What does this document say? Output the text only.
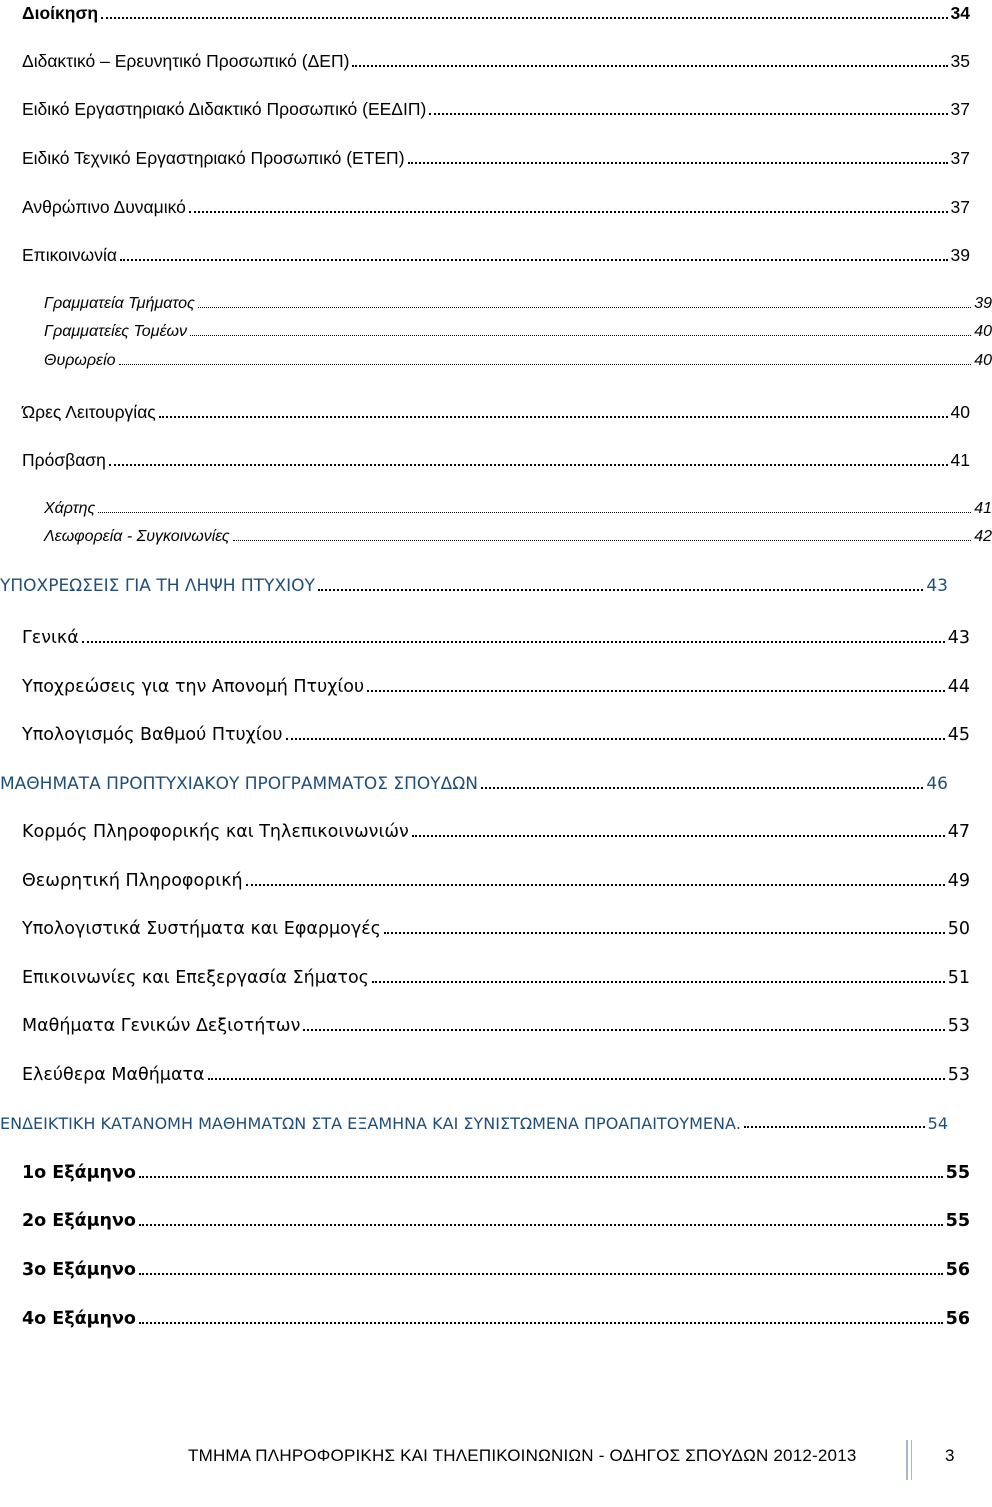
Διοίκηση	34
Διδακτικό – Ερευνητικό Προσωπικό (ΔΕΠ)	35
Ειδικό Εργαστηριακό Διδακτικό Προσωπικό (ΕΕΔΙΠ)	37
Ειδικό Τεχνικό Εργαστηριακό Προσωπικό (ΕΤΕΠ)	37
Ανθρώπινο Δυναμικό	37
Επικοινωνία	39
Γραμματεία Τμήματος	39
Γραμματείες Τομέων	40
Θυρωρείο	40
Ώρες Λειτουργίας	40
Πρόσβαση	41
Χάρτης	41
Λεωφορεία - Συγκοινωνίες	42
ΥΠΟΧΡΕΩΣΕΙΣ ΓΙΑ ΤΗ ΛΗΨΗ ΠΤΥΧΙΟΥ	43
Γενικά	43
Υποχρεώσεις για την Απονομή Πτυχίου	44
Υπολογισμός Βαθμού Πτυχίου	45
ΜΑΘΗΜΑΤΑ ΠΡΟΠΤΥΧΙΑΚΟΥ ΠΡΟΓΡΑΜΜΑΤΟΣ ΣΠΟΥΔΩΝ	46
Κορμός Πληροφορικής και Τηλεπικοινωνιών	47
Θεωρητική Πληροφορική	49
Υπολογιστικά Συστήματα και Εφαρμογές	50
Επικοινωνίες και Επεξεργασία Σήματος	51
Μαθήματα Γενικών Δεξιοτήτων	53
Ελεύθερα Μαθήματα	53
ΕΝΔΕΙΚΤΙΚΗ ΚΑΤΑΝΟΜΗ ΜΑΘΗΜΑΤΩΝ ΣΤΑ ΕΞΑΜΗΝΑ ΚΑΙ ΣΥΝΙΣΤΩΜΕΝΑ ΠΡΟΑΠΑΙΤΟΥΜΕΝΑ.	54
1ο Εξάμηνο	55
2ο Εξάμηνο	55
3ο Εξάμηνο	56
4ο Εξάμηνο	56
ΤΜΗΜΑ ΠΛΗΡΟΦΟΡΙΚΗΣ ΚΑΙ ΤΗΛΕΠΙΚΟΙΝΩΝΙΩΝ - ΟΔΗΓΟΣ ΣΠΟΥΔΩΝ 2012-2013	3
